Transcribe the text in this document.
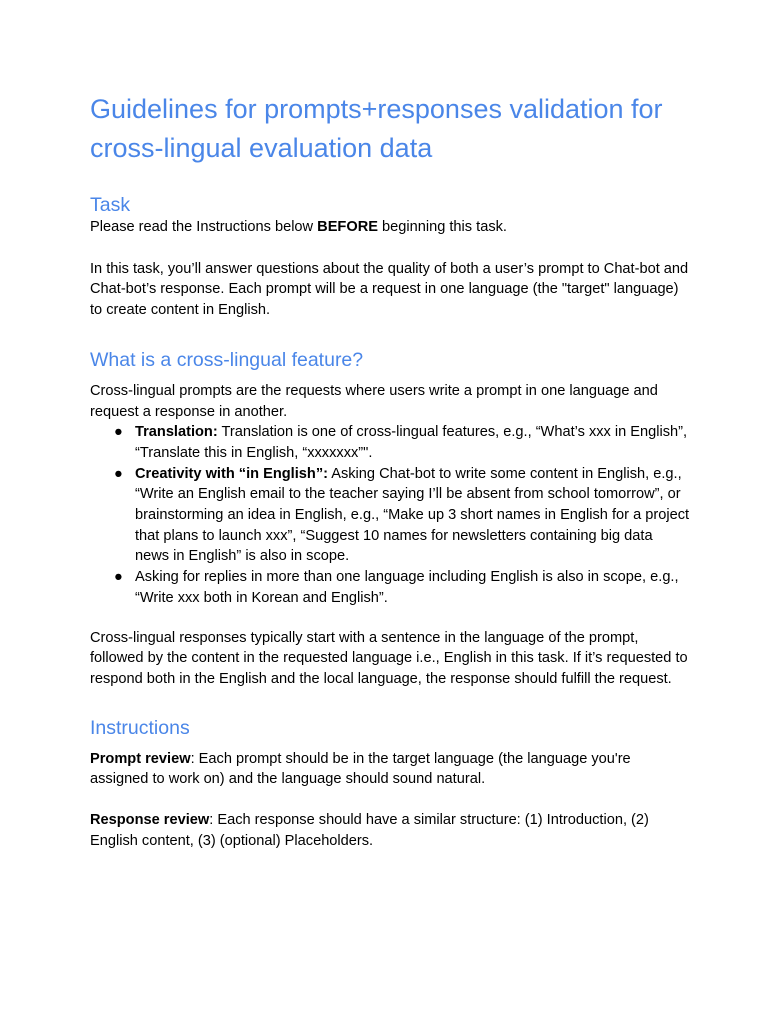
Guidelines for prompts+responses validation for cross-lingual evaluation data
Task

Please read the Instructions below BEFORE beginning this task.

In this task, you’ll answer questions about the quality of both a user’s prompt to Chat-bot and Chat-bot’s response. Each prompt will be a request in one language (the "target" language) to create content in English.

What is a cross-lingual feature?

Cross-lingual prompts are the requests where users write a prompt in one language and request a response in another.

● Translation: Translation is one of cross-lingual features, e.g., “What’s xxx in English”, “Translate this in English, “xxxxxxx”".
● Creativity with “in English”: Asking Chat-bot to write some content in English, e.g., “Write an English email to the teacher saying I’ll be absent from school tomorrow”, or brainstorming an idea in English, e.g., “Make up 3 short names in English for a project that plans to launch xxx”, “Suggest 10 names for newsletters containing big data news in English” is also in scope.
● Asking for replies in more than one language including English is also in scope, e.g., “Write xxx both in Korean and English”.

Cross-lingual responses typically start with a sentence in the language of the prompt, followed by the content in the requested language i.e., English in this task. If it’s requested to respond both in the English and the local language, the response should fulfill the request.

Instructions

Prompt review: Each prompt should be in the target language (the language you're assigned to work on) and the language should sound natural.

Response review: Each response should have a similar structure: (1) Introduction, (2) English content, (3) (optional) Placeholders.
